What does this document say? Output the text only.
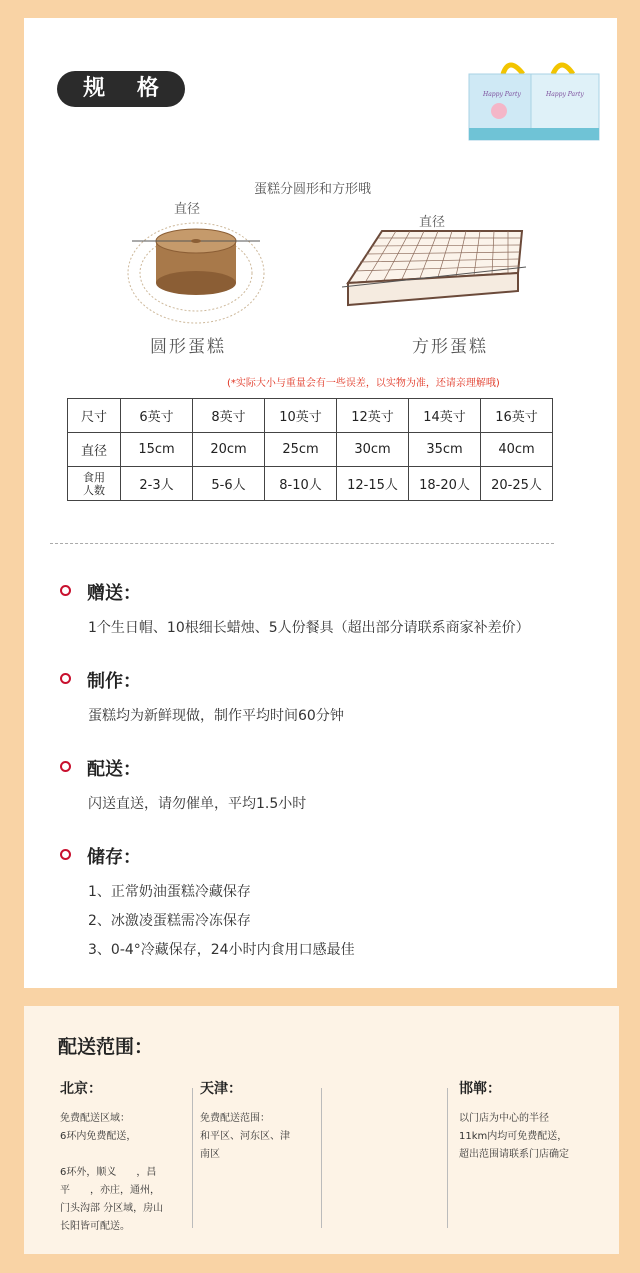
规 格	Happy Party	Happy Party
蛋糕分圆形和方形哦
直径
圆形蛋糕
直径
方形蛋糕
(*实际大小与重量会有一些误差，以实物为准，还请亲理解哦)
尺寸	6英寸	8英寸	10英寸	12英寸	14英寸	16英寸
直径	15cm	20cm	25cm	30cm	35cm	40cm
食用
人数	2-3人	5-6人	8-10人	12-15人	18-20人	20-25人
赠送：
1个生日帽、10根细长蜡烛、5人份餐具（超出部分请联系商家补差价）
制作：
蛋糕均为新鲜现做，制作平均时间60分钟
配送：
闪送直送，请勿催单，平均1.5小时
储存：
1、正常奶油蛋糕冷藏保存
2、冰激凌蛋糕需冷冻保存
3、0-4°冷藏保存，24小时内食用口感最佳
配送范围：
北京：
免费配送区域：
6环内免费配送，

6环外，顺义　　，昌
平　　，亦庄，通州，
门头沟部 分区域，房山
长阳皆可配送。
天津：
免费配送范围：
和平区、河东区、津
南区
邯郸：
以门店为中心的半径
11km内均可免费配送，
超出范围请联系门店确定
